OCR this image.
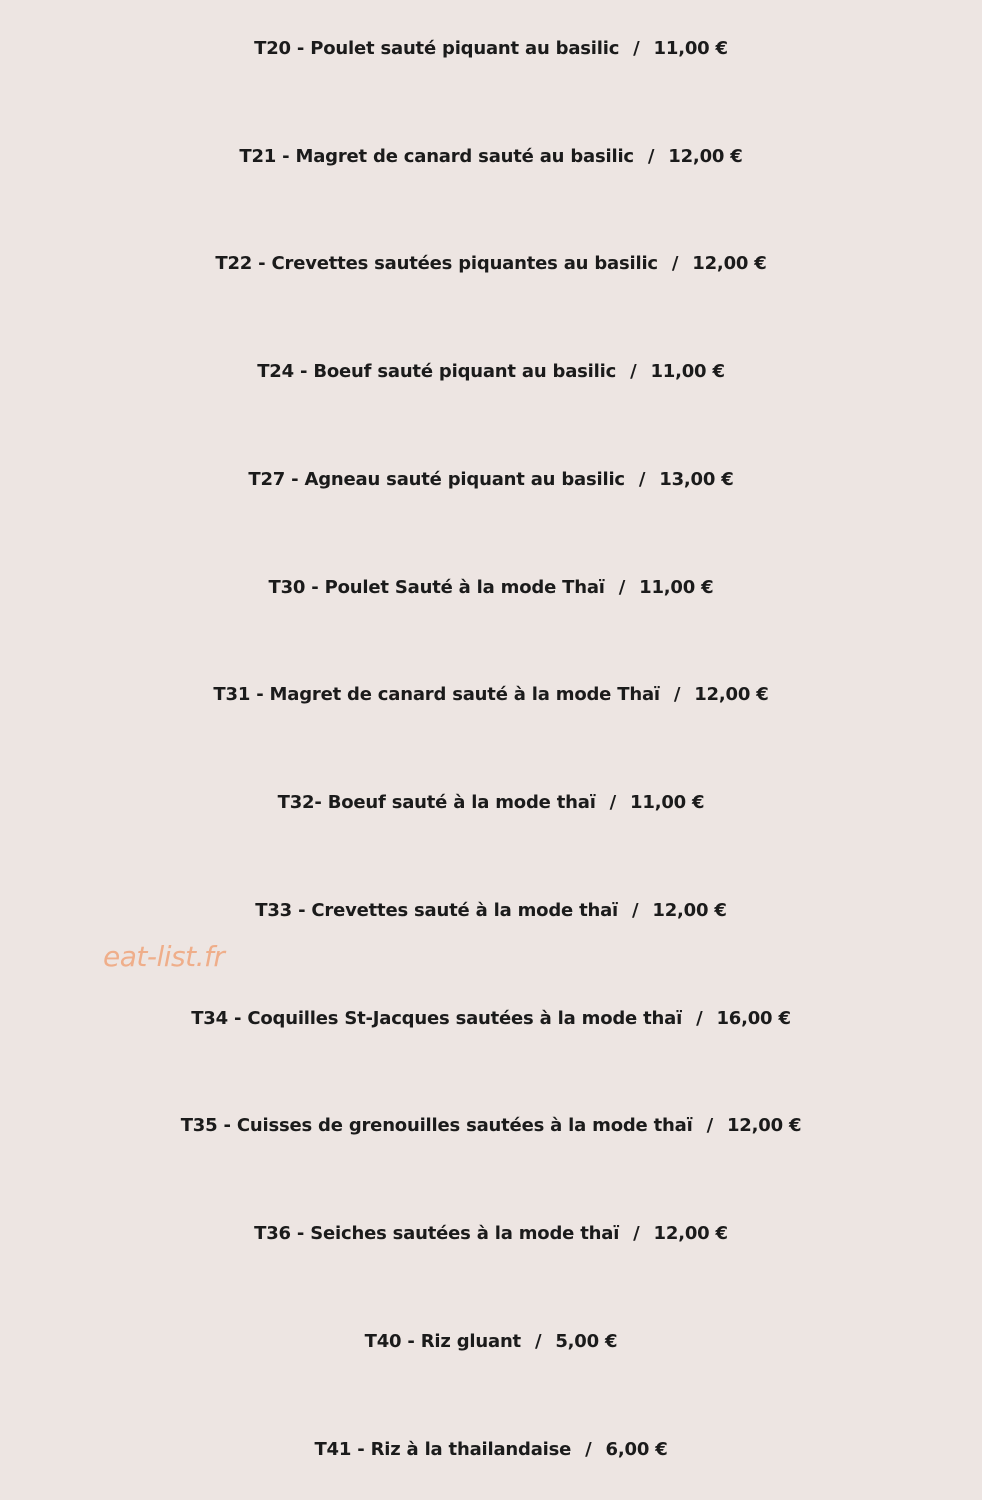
T20 - Poulet sauté piquant au basilic / 11,00 €
T21 - Magret de canard sauté au basilic / 12,00 €
T22 - Crevettes sautées piquantes au basilic / 12,00 €
T24 - Boeuf sauté piquant au basilic / 11,00 €
T27 - Agneau sauté piquant au basilic / 13,00 €
T30 - Poulet Sauté à la mode Thaï / 11,00 €
T31 - Magret de canard sauté à la mode Thaï / 12,00 €
T32- Boeuf sauté à la mode thaï / 11,00 €
T33 - Crevettes sauté à la mode thaï / 12,00 €
T34 - Coquilles St-Jacques sautées à la mode thaï / 16,00 €
T35 - Cuisses de grenouilles sautées à la mode thaï / 12,00 €
T36 - Seiches sautées à la mode thaï / 12,00 €
T40 - Riz gluant / 5,00 €
T41 - Riz à la thailandaise / 6,00 €
eat-list.fr
